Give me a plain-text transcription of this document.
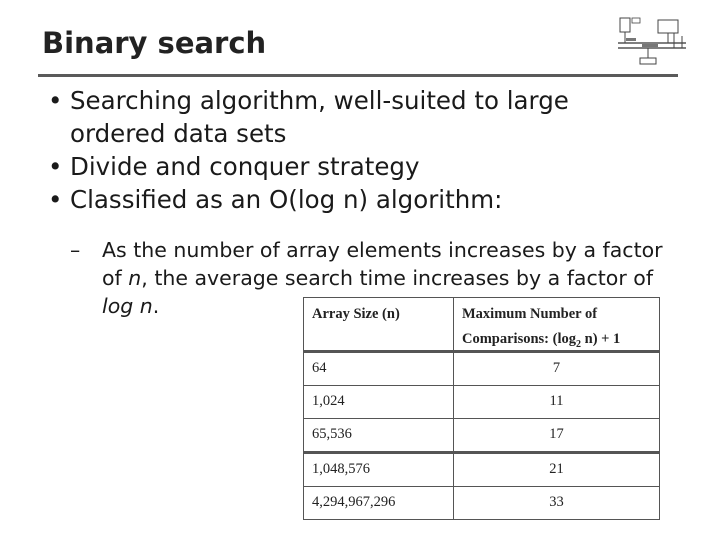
Binary search
• Searching algorithm, well-suited to large ordered data sets
• Divide and conquer strategy
• Classified as an O(log n) algorithm:
–	As the number of array elements increases by a factor of n, the average search time increases by a factor of log n.	Array Size (n)	Maximum Number of
Comparisons: ($\log_2$ n) + 1

64	7
1,024	11
65,536	17
1,048,576	21
4,294,967,296	33
